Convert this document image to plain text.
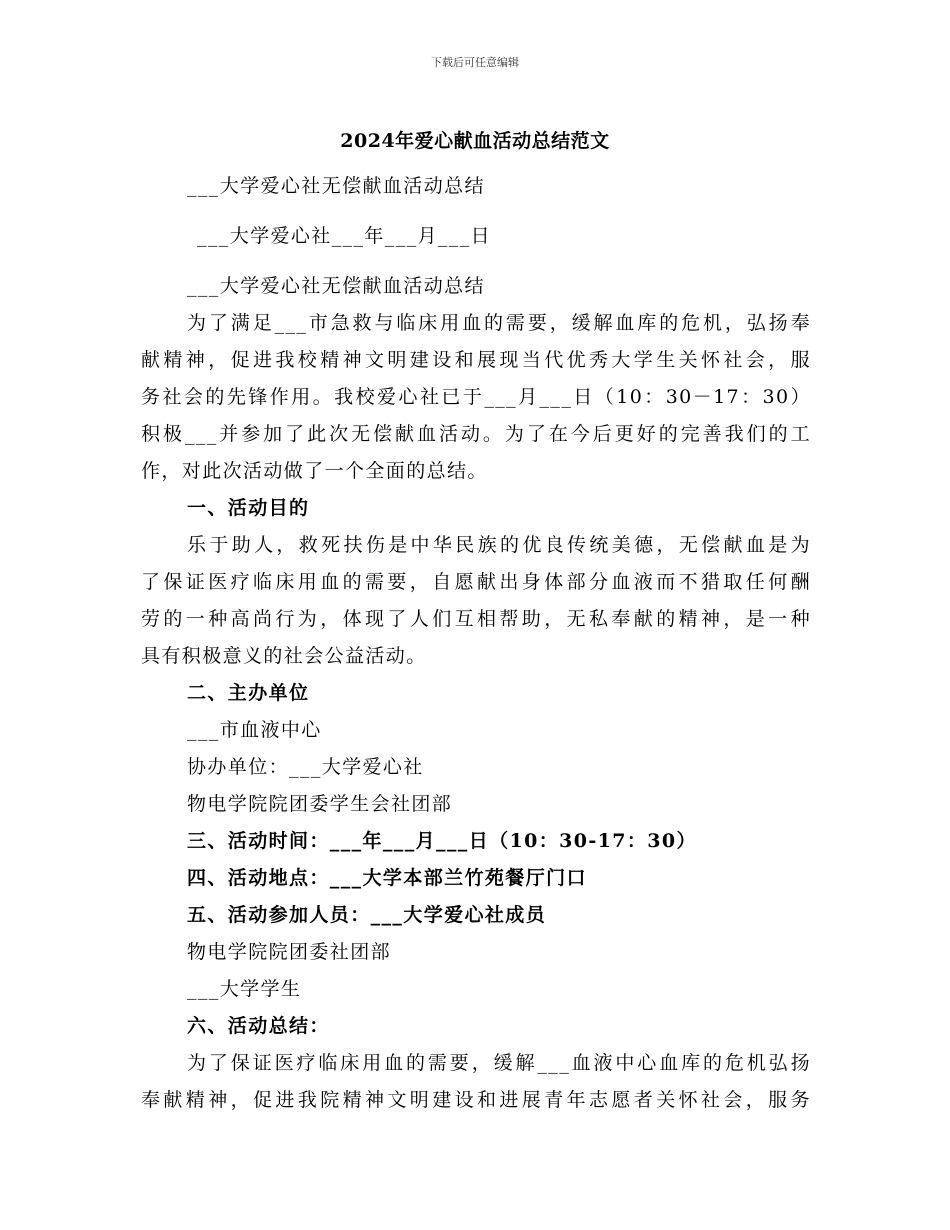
下载后可任意编辑
2024年爱心献血活动总结范文
___大学爱心社无偿献血活动总结
___大学爱心社___年___月___日
___大学爱心社无偿献血活动总结
为了满足___市急救与临床用血的需要，缓解血库的危机，弘扬奉
献精神，促进我校精神文明建设和展现当代优秀大学生关怀社会，服
务社会的先锋作用。我校爱心社已于___月___日（10：30－17：30）
积极___并参加了此次无偿献血活动。为了在今后更好的完善我们的工
作，对此次活动做了一个全面的总结。
一、活动目的
乐于助人，救死扶伤是中华民族的优良传统美德，无偿献血是为
了保证医疗临床用血的需要，自愿献出身体部分血液而不猎取任何酬
劳的一种高尚行为，体现了人们互相帮助，无私奉献的精神，是一种
具有积极意义的社会公益活动。
二、主办单位
___市血液中心
协办单位：___大学爱心社
物电学院院团委学生会社团部
三、活动时间：___年___月___日（10：30-17：30）
四、活动地点：___大学本部兰竹苑餐厅门口
五、活动参加人员：___大学爱心社成员
物电学院院团委社团部
___大学学生
六、活动总结：
为了保证医疗临床用血的需要，缓解___血液中心血库的危机弘扬
奉献精神，促进我院精神文明建设和进展青年志愿者关怀社会，服务
